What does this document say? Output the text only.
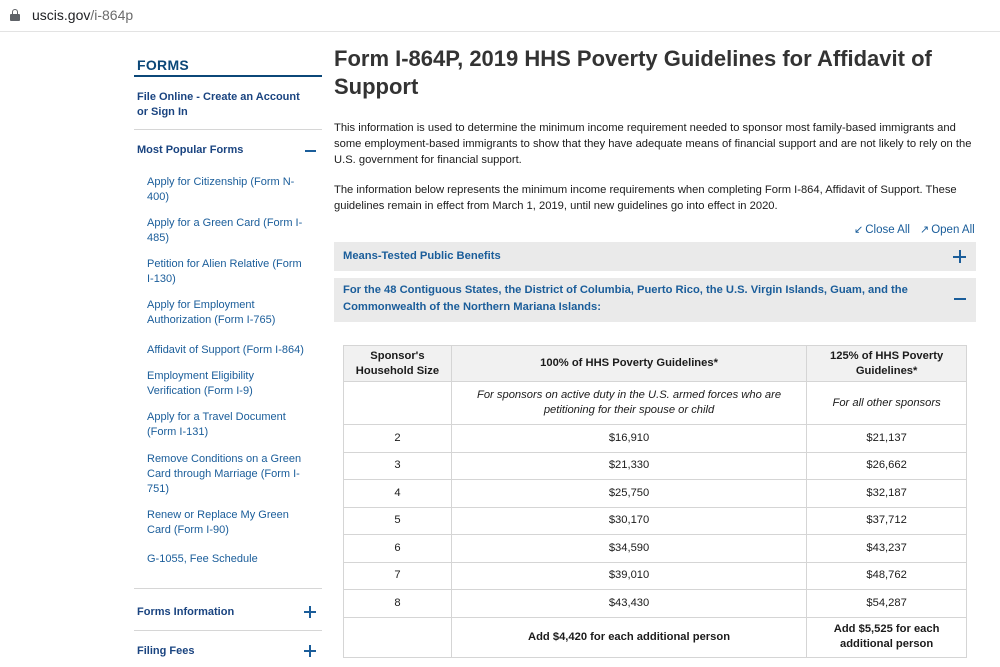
uscis.gov/i-864p
FORMS
File Online - Create an Account or Sign In
Most Popular Forms
Apply for Citizenship (Form N-400)
Apply for a Green Card (Form I-485)
Petition for Alien Relative (Form I-130)
Apply for Employment Authorization (Form I-765)
Affidavit of Support (Form I-864)
Employment Eligibility Verification (Form I-9)
Apply for a Travel Document (Form I-131)
Remove Conditions on a Green Card through Marriage (Form I-751)
Renew or Replace My Green Card (Form I-90)
G-1055, Fee Schedule
Forms Information
Filing Fees
Form I-864P, 2019 HHS Poverty Guidelines for Affidavit of Support
This information is used to determine the minimum income requirement needed to sponsor most family-based immigrants and some employment-based immigrants to show that they have adequate means of financial support and are not likely to rely on the U.S. government for financial support.
The information below represents the minimum income requirements when completing Form I-864, Affidavit of Support. These guidelines remain in effect from March 1, 2019, until new guidelines go into effect in 2020.
↙ Close All ↗ Open All
Means-Tested Public Benefits
For the 48 Contiguous States, the District of Columbia, Puerto Rico, the U.S. Virgin Islands, Guam, and the Commonwealth of the Northern Mariana Islands:
Sponsor's Household Size	100% of HHS Poverty Guidelines*	125% of HHS Poverty Guidelines*
	For sponsors on active duty in the U.S. armed forces who are petitioning for their spouse or child	For all other sponsors
2	$16,910	$21,137
3	$21,330	$26,662
4	$25,750	$32,187
5	$30,170	$37,712
6	$34,590	$43,237
7	$39,010	$48,762
8	$43,430	$54,287
	Add $4,420 for each additional person	Add $5,525 for each additional person
